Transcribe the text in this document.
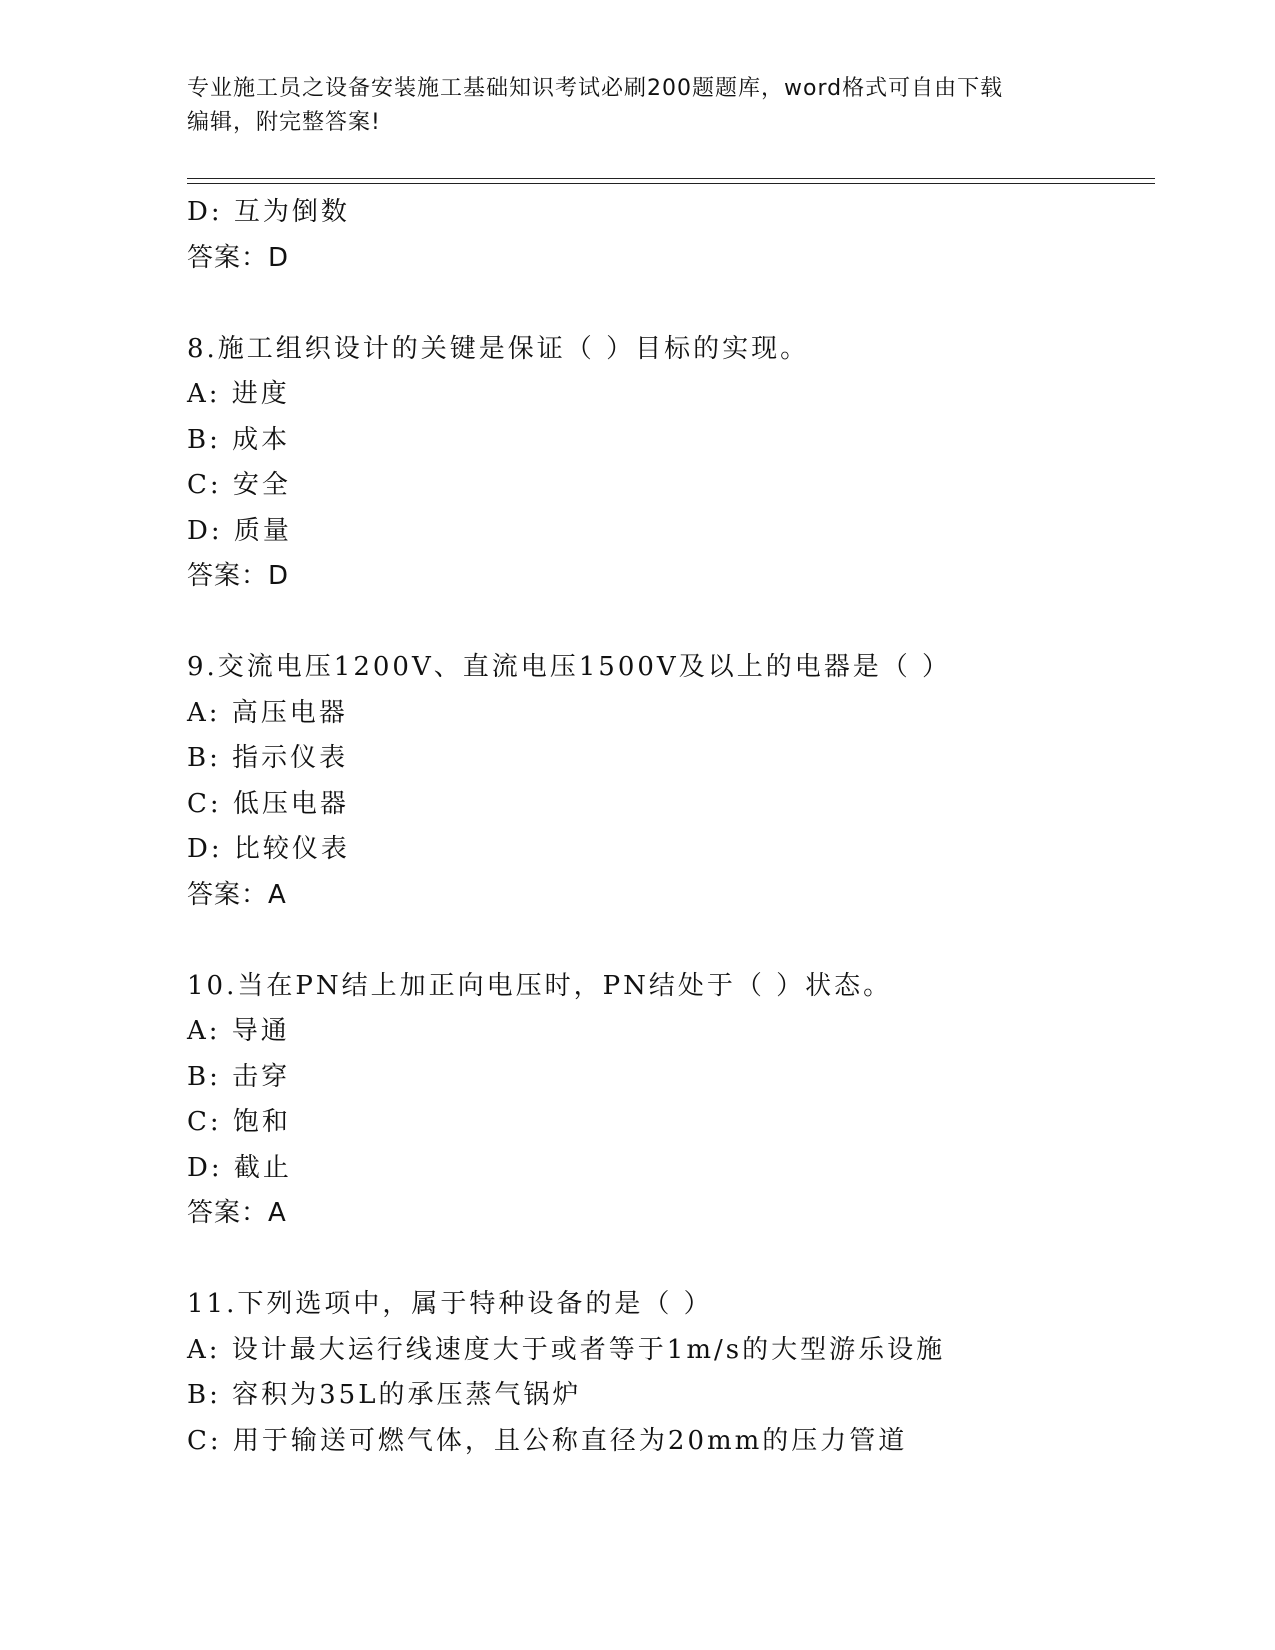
专业施工员之设备安装施工基础知识考试必刷200题题库，word格式可自由下载
编辑，附完整答案!
D: 互为倒数
答案：D
8.施工组织设计的关键是保证（ ）目标的实现。
A: 进度
B: 成本
C: 安全
D: 质量
答案：D
9.交流电压1200V、直流电压1500V及以上的电器是（ ）
A: 高压电器
B: 指示仪表
C: 低压电器
D: 比较仪表
答案：A
10.当在PN结上加正向电压时，PN结处于（ ）状态。
A: 导通
B: 击穿
C: 饱和
D: 截止
答案：A
11.下列选项中，属于特种设备的是（ ）
A: 设计最大运行线速度大于或者等于1m/s的大型游乐设施
B: 容积为35L的承压蒸气锅炉
C: 用于输送可燃气体，且公称直径为20mm的压力管道
